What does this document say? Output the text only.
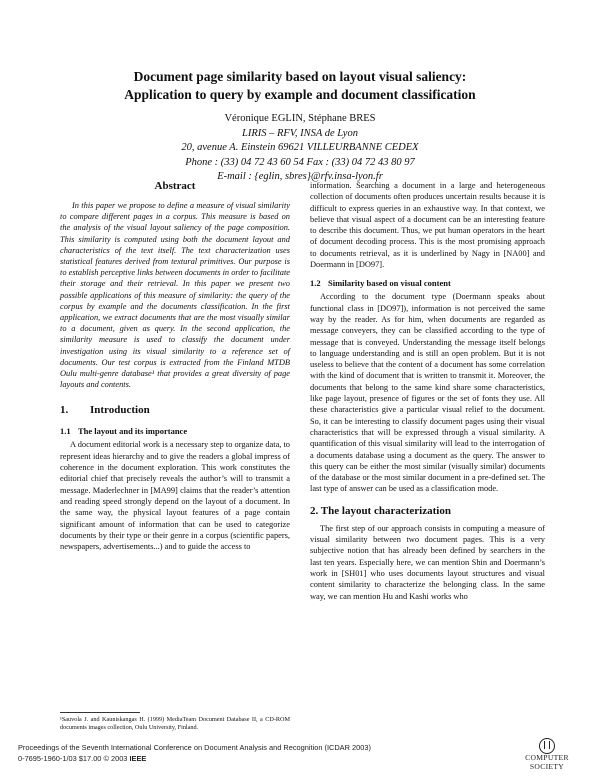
Document page similarity based on layout visual saliency:
Application to query by example and document classification
Véronique EGLIN, Stéphane BRES
LIRIS – RFV, INSA de Lyon
20, avenue A. Einstein 69621 VILLEURBANNE CEDEX
Phone : (33) 04 72 43 60 54 Fax : (33) 04 72 43 80 97
E-mail : {eglin, sbres}@rfv.insa-lyon.fr
Abstract

In this paper we propose to define a measure of visual similarity to compare different pages in a corpus. This measure is based on the analysis of the visual layout saliency of the page composition. This similarity is computed using both the document layout and characteristics of the text itself. The text characterization uses statistical features derived from textural primitives. Our purpose is to establish perceptive links between documents in order to facilitate their storage and their retrieval. In this paper we present two possible applications of this measure of similarity: the query of the corpus by example and the documents classification. In the first application, we extract documents that are the most visually similar to a document, given as query. In the second application, the similarity measure is used to classify the document under investigation using its visual similarity to a reference set of documents. Our test corpus is extracted from the Finland MTDB Oulu multi-genre database¹ that provides a great diversity of page layouts and contents.

1. Introduction
1.1 The layout and its importance

A document editorial work is a necessary step to organize data, to represent ideas hierarchy and to give the readers a global impress of coherence in the document exploration. This work constitutes the editorial chief that precisely reveals the author’s will to transmit a message. Maderlechner in [MA99] claims that the reader’s attention and reading speed strongly depend on the layout of a document. In the same way, the physical layout features of a page contain significant amount of information that can be used to categorize documents by their type or their genre in a corpus (scientific papers, newspapers, advertisements...) and to guide the access to

¹Sauvola J. and Kauniskangas H. (1999) MediaTeam Document Database II, a CD-ROM documents images collection, Oulu University, Finland.

information. Searching a document in a large and heterogeneous collection of documents often produces uncertain results because it is difficult to express queries in an exhaustive way. In that context, we believe that visual aspect of a document can be an interesting feature to describe this document. Thus, we put human operators in the heart of document decoding process. This is the most promising approach to documents retrieval, as it is underlined by Nagy in [NA00] and Doermann in [DO97].

1.2 Similarity based on visual content

According to the document type (Doermann speaks about functional class in [DO97]), information is not perceived the same way by the reader. As for him, when documents are regarded as message conveyers, they can be classified according to the type of message that is conveyed. Understanding the message itself belongs to language understanding and is still an open problem. But it is not useless to believe that the content of a document has some correlation with the kind of document that is written to transmit it. Moreover, the documents that belong to the same kind share some characteristics, like page layout, presence of figures or the set of fonts they use. All these characteristics give a particular visual relief to the document. So, it can be interesting to classify document pages using their visual characteristics that will be expressed through a visual similarity. A quantification of this visual similarity will lead to the interrogation of a documents database using a document as the query. The answer to this query can be either the most similar (visually similar) documents of the database or the most similar document in a pre-defined set. The last type of answer can be used as a classification mode.

2. The layout characterization

The first step of our approach consists in computing a measure of visual similarity between two document pages. This is a very subjective notion that has already been defined by searchers in the last ten years. Especially here, we can mention Shin and Doermann’s work in [SH01] who uses documents layout structures and visual content similarity to characterize the belonging class. In the same way, we can mention Hu and Kashi works who

Proceedings of the Seventh International Conference on Document Analysis and Recognition (ICDAR 2003)
0-7695-1960-1/03 $17.00 © 2003 IEEE	COMPUTER
SOCIETY
